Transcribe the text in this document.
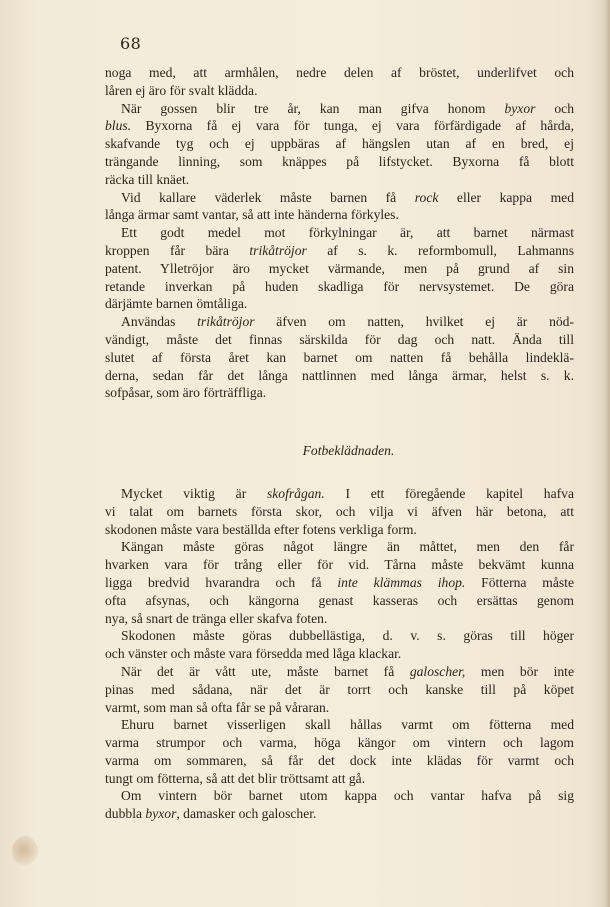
68
noga med, att armhålen, nedre delen af bröstet, underlifvet och
låren ej äro för svalt klädda.
När gossen blir tre år, kan man gifva honom byxor och
blus. Byxorna få ej vara för tunga, ej vara förfärdigade af hårda,
skafvande tyg och ej uppbäras af hängslen utan af en bred, ej
trängande linning, som knäppes på lifstycket. Byxorna få blott
räcka till knäet.
Vid kallare väderlek måste barnen få rock eller kappa med
långa ärmar samt vantar, så att inte händerna förkyles.
Ett godt medel mot förkylningar är, att barnet närmast
kroppen får bära trikåtröjor af s. k. reformbomull, Lahmanns
patent. Ylletröjor äro mycket värmande, men på grund af sin
retande inverkan på huden skadliga för nervsystemet. De göra
därjämte barnen ömtåliga.
Användas trikåtröjor äfven om natten, hvilket ej är nöd-
vändigt, måste det finnas särskilda för dag och natt. Ända till
slutet af första året kan barnet om natten få behålla lindeklä-
derna, sedan får det långa nattlinnen med långa ärmar, helst s. k.
sofpåsar, som äro förträffliga.
Fotbeklädnaden.
Mycket viktig är skofrågan. I ett föregående kapitel hafva
vi talat om barnets första skor, och vilja vi äfven här betona, att
skodonen måste vara beställda efter fotens verkliga form.
Kängan måste göras något längre än måttet, men den får
hvarken vara för trång eller för vid. Tårna måste bekvämt kunna
ligga bredvid hvarandra och få inte klämmas ihop. Fötterna måste
ofta afsynas, och kängorna genast kasseras och ersättas genom
nya, så snart de tränga eller skafva foten.
Skodonen måste göras dubbellästiga, d. v. s. göras till höger
och vänster och måste vara försedda med låga klackar.
När det är vått ute, måste barnet få galoscher, men bör inte
pinas med sådana, när det är torrt och kanske till på köpet
varmt, som man så ofta får se på våraran.
Ehuru barnet visserligen skall hållas varmt om fötterna med
varma strumpor och varma, höga kängor om vintern och lagom
varma om sommaren, så får det dock inte klädas för varmt och
tungt om fötterna, så att det blir tröttsamt att gå.
Om vintern bör barnet utom kappa och vantar hafva på sig
dubbla byxor, damasker och galoscher.
